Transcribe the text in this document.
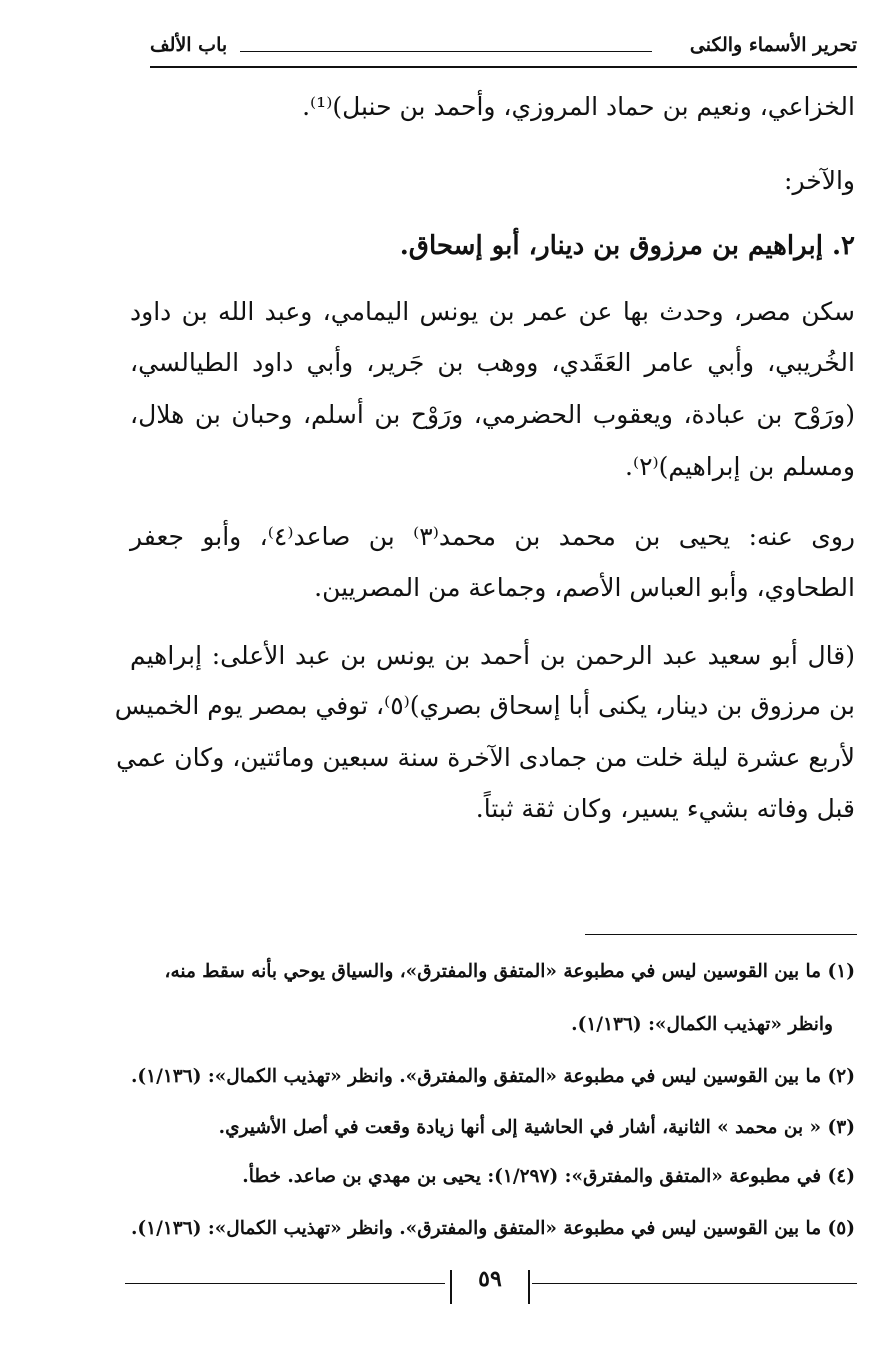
تحرير الأسماء والكنى
باب الألف
الخزاعي، ونعيم بن حماد المروزي، وأحمد بن حنبل)⁽¹⁾.
والآخر:
٢. إبراهيم بن مرزوق بن دينار، أبو إسحاق.
سكن مصر، وحدث بها عن عمر بن يونس اليمامي، وعبد الله بن داود
الخُريبي، وأبي عامر العَقَدي، ووهب بن جَرير، وأبي داود الطيالسي،
(ورَوْح بن عبادة، ويعقوب الحضرمي، ورَوْح بن أسلم، وحبان بن هلال،
ومسلم بن إبراهيم)⁽٢⁾.
روى عنه: يحيى بن محمد بن محمد⁽٣⁾ بن صاعد⁽٤⁾، وأبو جعفر
الطحاوي، وأبو العباس الأصم، وجماعة من المصريين.
(قال أبو سعيد عبد الرحمن بن أحمد بن يونس بن عبد الأعلى: إبراهيم
بن مرزوق بن دينار، يكنى أبا إسحاق بصري)⁽٥⁾، توفي بمصر يوم الخميس
لأربع عشرة ليلة خلت من جمادى الآخرة سنة سبعين ومائتين، وكان عمي
قبل وفاته بشيء يسير، وكان ثقة ثبتاً.
(١) ما بين القوسين ليس في مطبوعة «المتفق والمفترق»، والسياق يوحي بأنه سقط منه،
وانظر «تهذيب الكمال»: (١/١٣٦).
(٢) ما بين القوسين ليس في مطبوعة «المتفق والمفترق». وانظر «تهذيب الكمال»: (١/١٣٦).
(٣) « بن محمد » الثانية، أشار في الحاشية إلى أنها زيادة وقعت في أصل الأشيري.
(٤) في مطبوعة «المتفق والمفترق»: (١/٢٩٧): يحيى بن مهدي بن صاعد. خطأ.
(٥) ما بين القوسين ليس في مطبوعة «المتفق والمفترق». وانظر «تهذيب الكمال»: (١/١٣٦).
٥٩
